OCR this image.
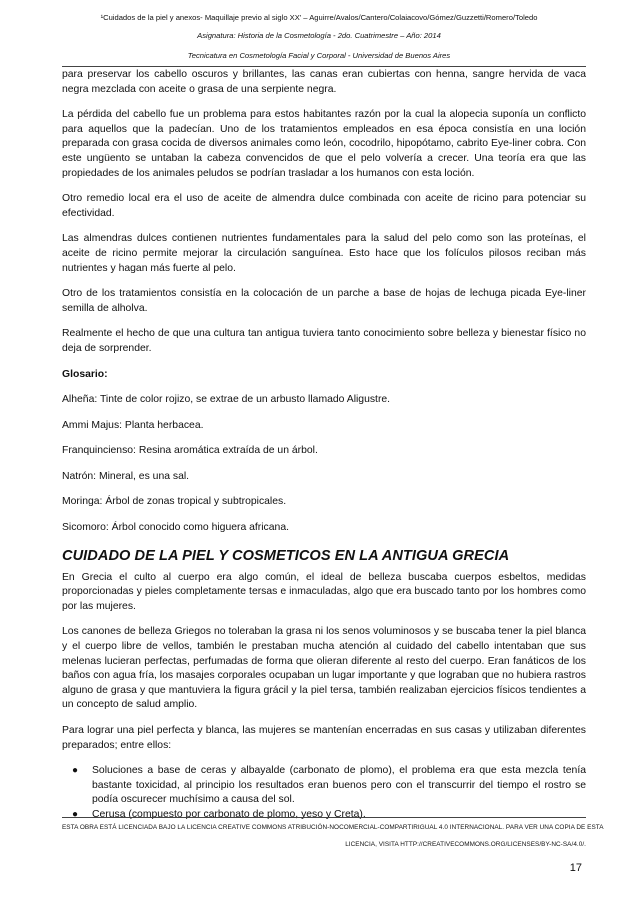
¹Cuidados de la piel y anexos- Maquillaje previo al siglo XX’ – Aguirre/Avalos/Cantero/Colaiacovo/Gómez/Guzzetti/Romero/Toledo
Asignatura: Historia de la Cosmetología - 2do. Cuatrimestre – Año: 2014
Tecnicatura en Cosmetología Facial y Corporal - Universidad de Buenos Aires

para preservar los cabello oscuros y brillantes, las canas eran cubiertas con henna, sangre hervida de vaca negra mezclada con aceite o grasa de una serpiente negra.

La pérdida del cabello fue un problema para estos habitantes razón por la cual la alopecia suponía un conflicto para aquellos que la padecían. Uno de los tratamientos empleados en esa época consistía en una loción preparada con grasa cocida de diversos animales como león, cocodrilo, hipopótamo, cabrito Eye-liner cobra. Con este ungüento se untaban la cabeza convencidos de que el pelo volvería a crecer. Una teoría era que las propiedades de los animales peludos se podrían trasladar a los humanos con esta loción.

Otro remedio local era el uso de aceite de almendra dulce combinada con aceite de ricino para potenciar su efectividad.

Las almendras dulces contienen nutrientes fundamentales para la salud del pelo como son las proteínas, el aceite de ricino permite mejorar la circulación sanguínea. Esto hace que los folículos pilosos reciban más nutrientes y hagan más fuerte al pelo.

Otro de los tratamientos consistía en la colocación de un parche a base de hojas de lechuga picada Eye-liner semilla de alholva.

Realmente el hecho de que una cultura tan antigua tuviera tanto conocimiento sobre belleza y bienestar físico no deja de sorprender.

Glosario:

Alheña: Tinte de color rojizo, se extrae de un arbusto llamado Aligustre.

Ammi Majus: Planta herbacea.

Franquincienso: Resina aromática extraída de un árbol.

Natrón: Mineral, es una sal.

Moringa: Árbol de zonas tropical y subtropicales.

Sicomoro: Árbol conocido como higuera africana.

CUIDADO DE LA PIEL Y COSMETICOS EN LA ANTIGUA GRECIA

En Grecia el culto al cuerpo era algo común, el ideal de belleza buscaba cuerpos esbeltos, medidas proporcionadas y pieles completamente tersas e inmaculadas, algo que era buscado tanto por los hombres como por las mujeres.

Los canones de belleza Griegos no toleraban la grasa ni los senos voluminosos y se buscaba tener la piel blanca y el cuerpo libre de vellos, también le prestaban mucha atención al cuidado del cabello intentaban que sus melenas lucieran perfectas, perfumadas de forma que olieran diferente al resto del cuerpo. Eran fanáticos de los baños con agua fría, los masajes corporales ocupaban un lugar importante y que lograban que no hubiera rastros alguno de grasa y que mantuviera la figura grácil y la piel tersa, también realizaban ejercicios físicos tendientes a un concepto de salud amplio.

Para lograr una piel perfecta y blanca, las mujeres se mantenían encerradas en sus casas y utilizaban diferentes preparados; entre ellos:

● Soluciones a base de ceras y albayalde (carbonato de plomo), el problema era que esta mezcla tenía bastante toxicidad, al principio los resultados eran buenos pero con el transcurrir del tiempo el rostro se podía oscurecer muchísimo a causa del sol.
● Cerusa (compuesto por carbonato de plomo, yeso y Creta).
ESTA OBRA ESTÁ LICENCIADA BAJO LA LICENCIA CREATIVE COMMONS ATRIBUCIÓN-NOCOMERCIAL-COMPARTIRIGUAL 4.0 INTERNACIONAL. PARA VER UNA COPIA DE ESTA
LICENCIA, VISITA HTTP://CREATIVECOMMONS.ORG/LICENSES/BY-NC-SA/4.0/.
17
